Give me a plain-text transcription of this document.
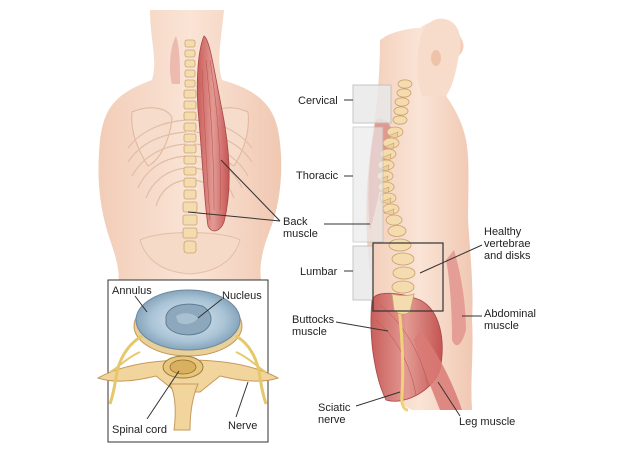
Cervical
Thoracic
Lumbar
Back
muscle	Healthy
vertebrae
and disks
Buttocks
muscle
Abdominal
muscle
Sciatic
nerve	Leg muscle
Annulus	Nucleus
Spinal cord	Nerve
